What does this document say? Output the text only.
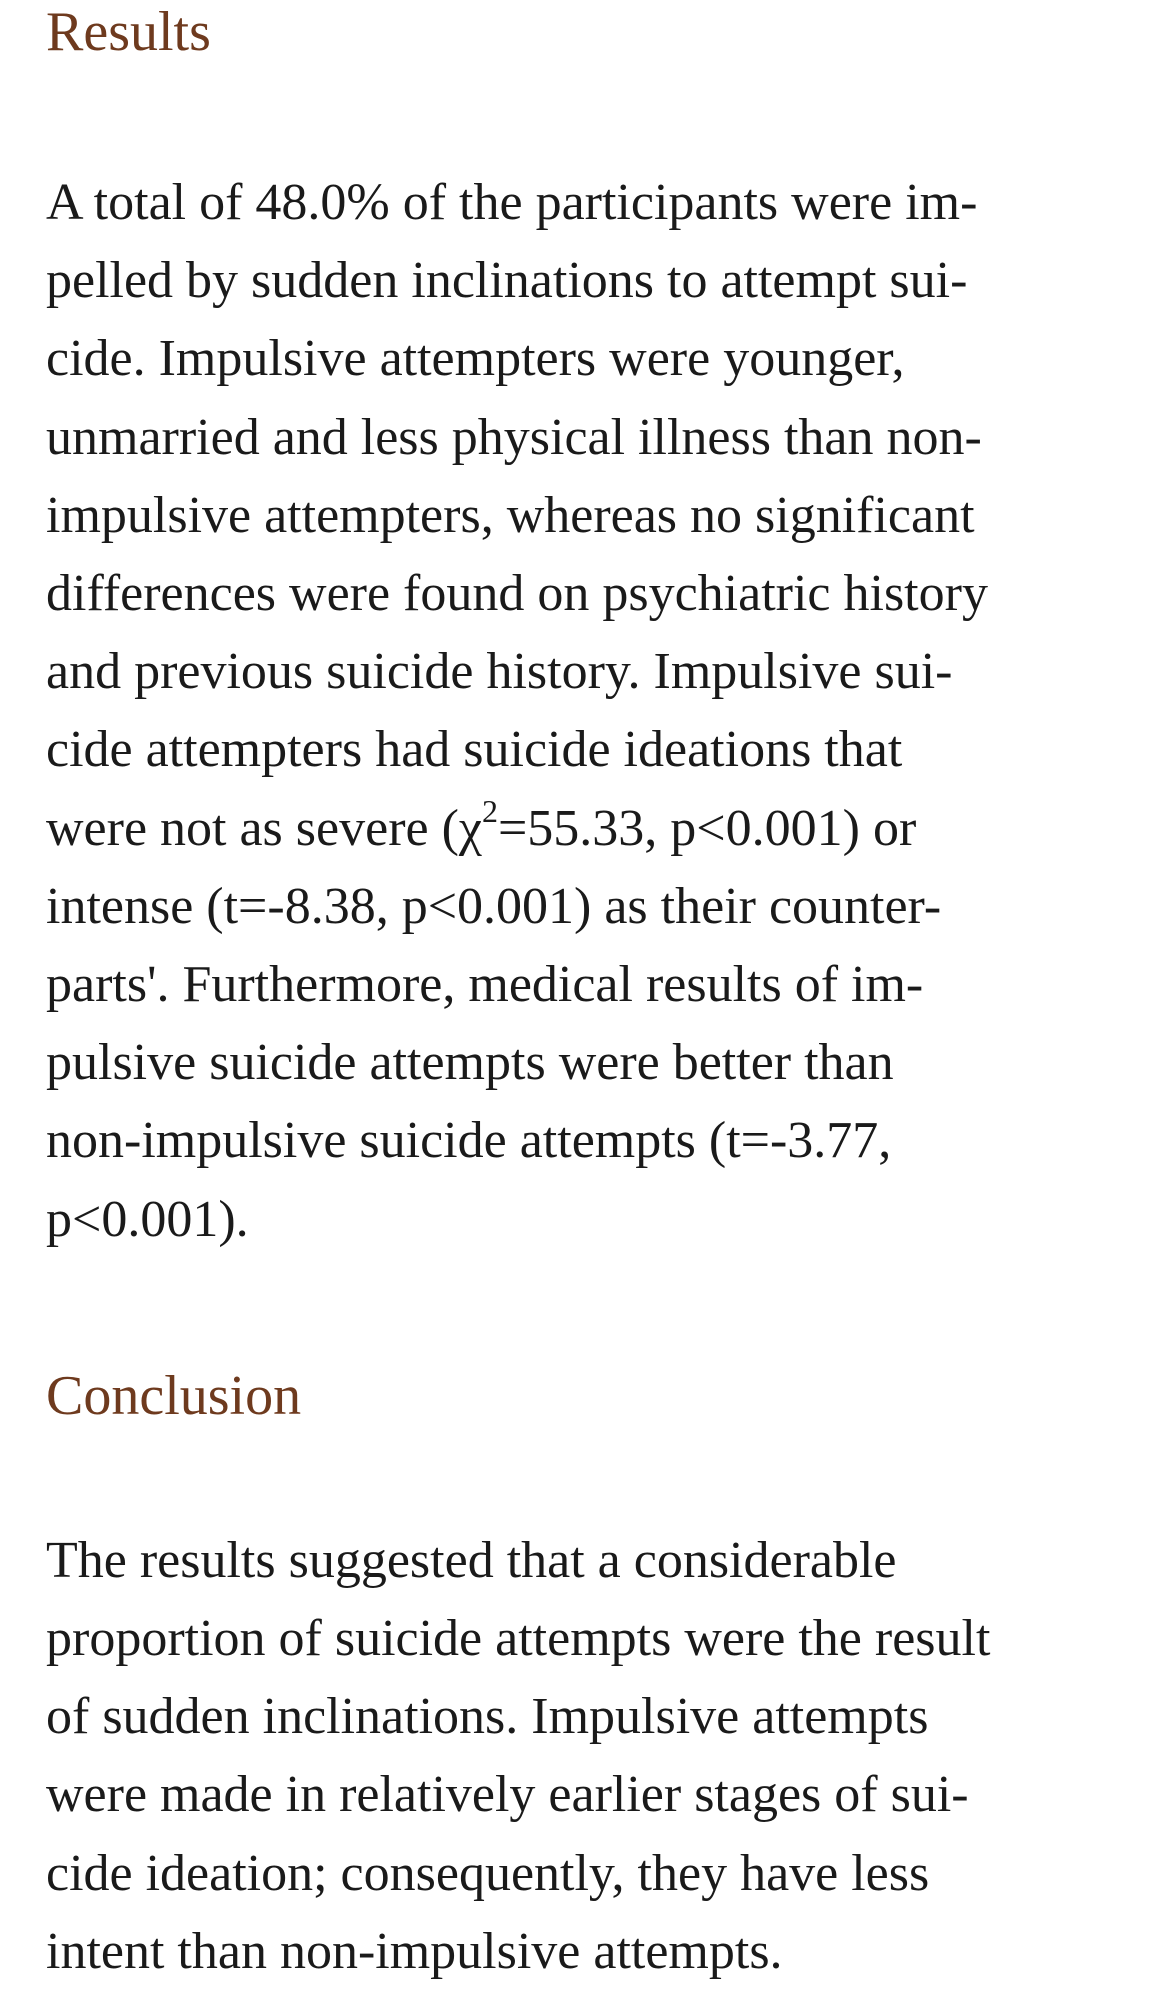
Results

A total of 48.0% of the participants were im-
pelled by sudden inclinations to attempt sui-
cide. Impulsive attempters were younger,
unmarried and less physical illness than non-
impulsive attempters, whereas no significant
differences were found on psychiatric history
and previous suicide history. Impulsive sui-
cide attempters had suicide ideations that
were not as severe ($\chi^2=55.33$, p<0.001) or
intense (t=-8.38, p<0.001) as their counter-
parts'. Furthermore, medical results of im-
pulsive suicide attempts were better than
non-impulsive suicide attempts (t=-3.77,
p<0.001).

Conclusion

The results suggested that a considerable
proportion of suicide attempts were the result
of sudden inclinations. Impulsive attempts
were made in relatively earlier stages of sui-
cide ideation; consequently, they have less
intent than non-impulsive attempts.
